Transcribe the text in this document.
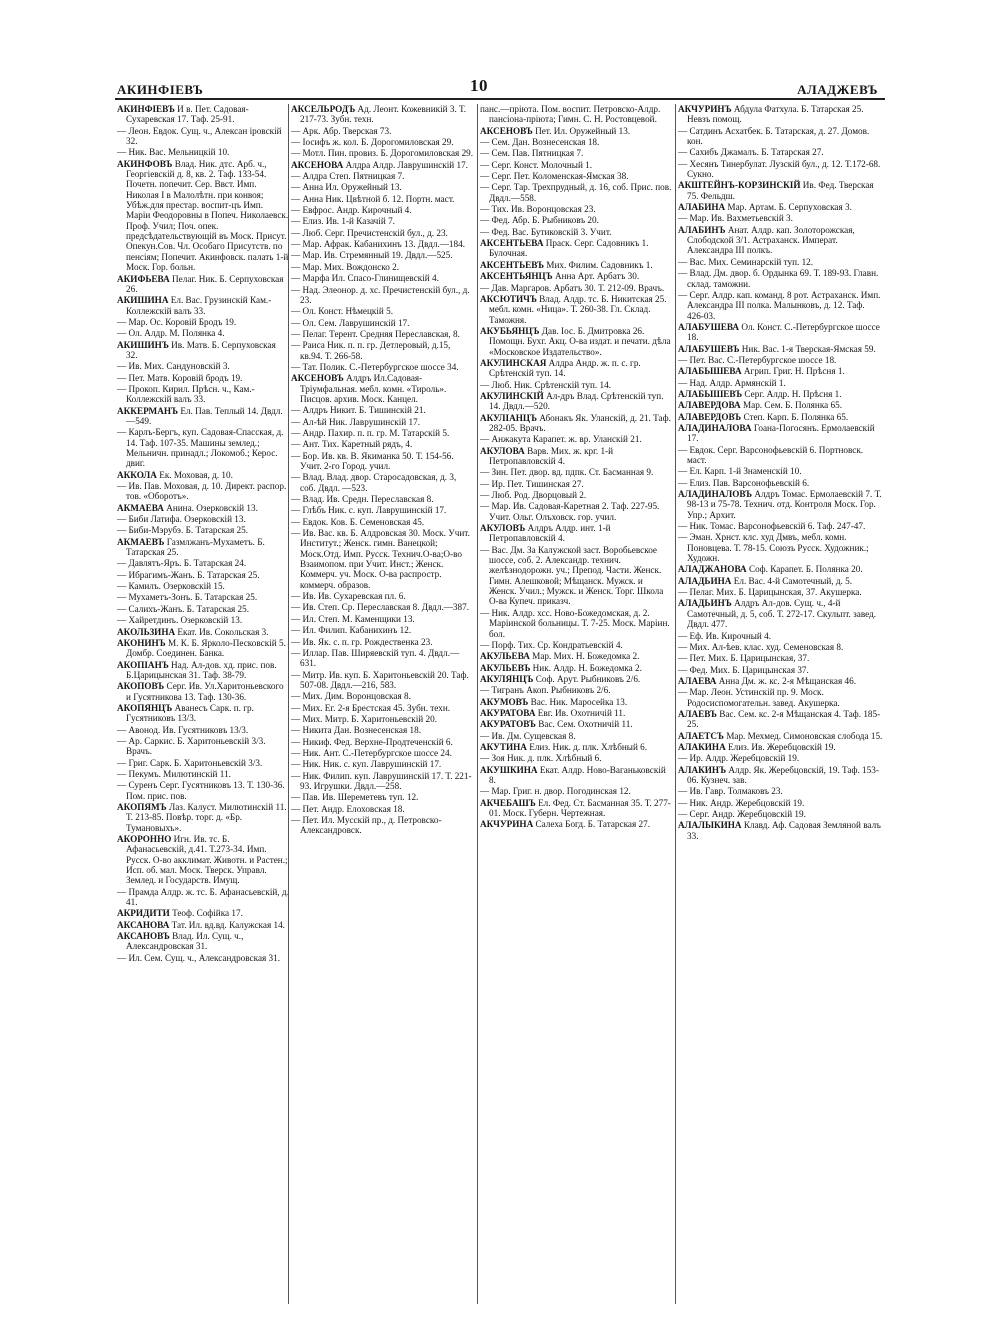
АКИНФІЕВЪ	10	АЛАДЖЕВЪ
АКИНФІЕВЪ И в. Пет. Садовая-Сухаревская 17. Таф. 25-91.
— Леон. Евдок. Сущ. ч., Алексан іровскій 32.
— Ник. Вас. Мельницкій 10.
АКИНФОВЪ Влад. Ник. дтс. Арб. ч., Георгіевскій д. 8, кв. 2. Таф. 133-54. Почетн. попечит. Сер. Ввст. Имп. Николая I в Малолѣтн. при конвоя; Убѣж.для престар. воспит-цъ Имп. Маріи Феодоровны в Попеч. Николаевск. Проф. Учил; Поч. опек. предсѣдательствующій въ Моск. Присут. Опекун.Сов. Чл. Особаго Присутств. по пенсіям; Попечит. Акинфовск. палать 1-й Моск. Гор. больн.
АКИФЬЕВА Пелаг. Ник. Б. Серпуховская 26.
АКИШИНА Ел. Вас. Грузинскій Кам.-Коллежскій валъ 33.
— Мар. Ос. Коровій Бродъ 19.
— Ол. Алдр. М. Полянка 4.
АКИШИНЪ Ив. Матв. Б. Серпуховская 32.
— Ив. Мих. Сандуновскій 3.
— Пет. Матв. Коровій бродъ 19.
— Прокоп. Кирил. Прѣсн. ч., Кам.-Коллежскій валъ 33.
АККЕРМАНЪ Ел. Пав. Теплый 14. Двдл.—549.
— Карлъ-Бергъ, куп. Садовая-Спасская, д. 14. Таф. 107-35. Машины землед.; Мельничн. принадл.; Локомоб.; Керос. двиг.
АККОЛА Ек. Моховая, д. 10.
— Ив. Пав. Моховая, д. 10. Директ. распор. тов. «Оборотъ».
АКМАЕВА Анина. Озерковскій 13.
— Биби Латифа. Озерковскій 13.
— Биби-Мэрубэ. Б. Татарская 25.
АКМАЕВЪ Газмлжанъ-Мухаметъ. Б. Татарская 25.
— Давлятъ-Яръ. Б. Татарская 24.
— Ибрагимъ-Жанъ. Б. Татарская 25.
— Камилъ. Озерковскій 15.
— Мухаметъ-Зонъ. Б. Татарская 25.
— Салихъ-Жанъ. Б. Татарская 25.
— Хайретдинъ. Озерковскій 13.
АКОЛЬЗИНА Екат. Ив. Сокольская 3.
АКОНИНЪ М. К. Б. Ярколо-Песковскій 5. Домбр. Соединен. Банка.
АКОПІАНЪ Над. Ал-дов. хд. прис. пов. Б.Царицынская 31. Таф. 38-79.
АКОПОВЪ Серг. Ив. Ул.Харитоньевского и Гусятникова 13. Таф. 130-36.
АКОПЯНЦЪ Аванесъ Сарк. п. гр. Гусятниковъ 13/3.
— Авонод. Ив. Гусятниковъ 13/3.
— Ар. Саркис. Б. Харитоньевскій 3/3. Врачъ.
— Григ. Сарк. Б. Харитоньевскій 3/3.
— Пекумъ. Милютинскій 11.
— Суренъ Серг. Гусятниковъ 13. Т. 130-36. Пом. прис. пов.
АКОПЯМЪ Лаз. Калуст. Милютинскій 11. Т. 213-85. Повѣр. торг. д. «Бр. Тумановыхъ».
АКОРОННО Игн. Ив. тс. Б. Афанасьевскій, д.41. Т.273-34. Имп. Русск. О-во акклимат. Животн. и Растен.; Исп. об. мал. Моск. Тверск. Управл. Землед. и Государств. Имущ.
— Прамда Алдр. ж. тс. Б. Афанасьевскій, д. 41.
АКРИДИТИ Теоф. Софійка 17.
АКСАНОВА Тат. Ил. вд.вд. Калужская 14.
АКСАНОВЪ Влад. Ил. Сущ. ч., Александровская 31.
— Ил. Сем. Сущ. ч., Александровская 31.
АКСЕЛЬРОДЪ Ад. Леонт. Кожевникій 3. Т. 217-73. Зубн. техн.
— Арк. Абр. Тверская 73.
— Іосифъ ж. кол. Б. Дорогомиловская 29.
— Мотл. Пин. провиз. Б. Дорогомиловская 29.
АКСЕНОВА Алдра Алдр. Лаврушинскій 17.
— Алдра Степ. Пятницкая 7.
— Анна Ил. Оружейный 13.
— Анна Ник. Цвѣтной б. 12. Портн. маст.
— Евфрос. Андр. Кирочный 4.
— Елиз. Ив. 1-й Казачій 7.
— Люб. Серг. Пречистенскій бул., д. 23.
— Мар. Афрак. Кабанихинъ 13. Двдл.—184.
— Мар. Ив. Стремянный 19. Двдл.—525.
— Мар. Мих. Вождонско 2.
— Марфа Ил. Спасо-Глинищевскій 4.
— Над. Элеонор. д. хс. Пречистенскій бул., д. 23.
— Ол. Конст. Нѣмецкій 5.
— Ол. Сем. Лаврушинскій 17.
— Пелаг. Терент. Средняя Переславская, 8.
— Раиса Ник. п. п. гр. Детлеровый, д.15, кв.94. Т. 266-58.
— Тат. Полик. С.-Петербургское шоссе 34.
АКСЕНОВЪ Алдръ Ил.Садовая-Тріумфальная. мебл. комн. «Тироль». Писцов. архив. Моск. Канцел.
— Алдръ Никит. Б. Тишинскій 21.
— Ал-ѣй Ник. Лаврушинскій 17.
— Андр. Пахир. п. п. гр. М. Татарскій 5.
— Ант. Тих. Каретный рядъ, 4.
— Бор. Ив. кв. В. Якиманка 50. Т. 154-56. Учит. 2-го Город. учил.
— Влад. Влад. двор. Старосадовская, д. 3, соб. Двдл. —523.
— Влад. Ив. Средн. Переславская 8.
— Глѣбъ Ник. с. куп. Лаврушинскій 17.
— Евдок. Ков. Б. Семеновская 45.
— Ив. Вас. кв. Б. Алдровская 30. Моск. Учит. Институт.; Женск. гимн. Ванецкой; Моск.Отд. Имп. Русск. Технич.О-ва;О-во Взаимопом. при Учит. Инст.; Женск. Коммерч. уч. Моск. О-ва распростр. коммерч. образов.
— Ив. Ив. Сухаревская пл. 6.
— Ив. Степ. Ср. Переславская 8. Двдл.—387.
— Ил. Степ. М. Каменщики 13.
— Ил. Филип. Кабанихинъ 12.
— Ив. Як. с. п. гр. Рождественка 23.
— Иллар. Пав. Ширяевскій туп. 4. Двдл.—631.
— Митр. Ив. куп. Б. Харитоньевскій 20. Таф. 507-08. Двдл.—216, 583.
— Мих. Дим. Воронцовская 8.
— Мих. Ег. 2-я Брестская 45. Зубн. техн.
— Мих. Митр. Б. Харитоньевскій 20.
— Никита Дан. Вознесенская 18.
— Никиф. Фед. Верхне-Продтеченскій 6.
— Ник. Ант. С.-Петербургское шоссе 24.
— Ник. Ник. с. куп. Лаврушинскій 17.
— Ник. Филип. куп. Лаврушинскій 17. Т. 221-93. Игрушки. Двдл.—258.
— Пав. Ив. Шереметевъ туп. 12.
— Пет. Андр. Елоховская 18.
— Пет. Ил. Мусскій пр., д. Петровско-Александровск.
панс.—пріюта. Пом. воспит. Петровско-Алдр. пансіона-пріюта; Гимн. С. Н. Ростовцевой.
АКСЕНОВЪ Пет. Ил. Оружейный 13.
— Сем. Дан. Вознесенская 18.
— Сем. Пав. Пятницкая 7.
— Серг. Конст. Молочный 1.
— Серг. Пет. Коломенская-Ямская 38.
— Серг. Тар. Трехпрудный, д. 16, соб. Прис. пов. Двдл.—558.
— Тих. Ив. Воронцовская 23.
— Фед. Абр. Б. Рыбниковъ 20.
— Фед. Вас. Бутиковскій 3. Учит.
АКСЕНТЬЕВА Праск. Серг. Садовникъ 1. Булочная.
АКСЕНТЬЕВЪ Мих. Филим. Садовникъ 1.
АКСЕНТЬЯНЦЪ Анна Арт. Арбатъ 30.
— Дав. Маргаров. Арбатъ 30. Т. 212-09. Врачъ.
АКСЮТИЧЪ Влад. Алдр. тс. Б. Никитская 25. мебл. комн. «Ница». Т. 260-38. Гл. Склад. Таможня.
АКУБЬЯНЦЪ Дав. Іос. Б. Дмитровка 26. Помощн. Бухг. Акц. О-ва издат. и печати. дѣла «Московское Издательство».
АКУЛИНСКАЯ Алдра Андр. ж. п. с. гр. Срѣтенскій туп. 14.
— Люб. Ник. Срѣтенскій туп. 14.
АКУЛИНСКІЙ Ал-дръ Влад. Срѣтенскій туп. 14. Двдл.—520.
АКУЛІАНЦЪ Абонакъ Як. Уланскій, д. 21. Таф. 282-05. Врачъ.
— Анжакута Карапет. ж. вр. Уланскій 21.
АКУЛОВА Варв. Мих. ж. крг. 1-й Петропавловскій 4.
— Зин. Пет. двор. вд. пдпк. Ст. Басманная 9.
— Ир. Пет. Тишинская 27.
— Люб. Род. Дворцовый 2.
— Мар. Ив. Садовая-Каретная 2. Таф. 227-95. Учит. Ольг. Олъховск. гор. учил.
АКУЛОВЪ Алдръ Алдр. инт. 1-й Петропавловскій 4.
— Вас. Дм. За Калужской заст. Воробьевское шоссе, соб. 2. Александр. технич. желѣзнодорожн. уч.; Препод. Части. Женск. Гимн. Алешковой; Мѣщанск. Мужск. и Женск. Учил.; Мужск. и Женск. Торг. Школа О-ва Купеч. приказч.
— Ник. Алдр. хсс. Ново-Божедомская, д. 2. Маріинской больницы. Т. 7-25. Моск. Маріин. бол.
— Порф. Тих. Ср. Кондратьевскій 4.
АКУЛЬЕВА Мар. Мих. Н. Божедомка 2.
АКУЛЬЕВЪ Ник. Алдр. Н. Божедомка 2.
АКУЛЯНЦЪ Соф. Арут. Рыбниковъ 2/6.
— Тигранъ Акоп. Рыбниковъ 2/6.
АКУМОВЪ Вас. Ник. Маросейка 13.
АКУРАТОВА Евг. Ив. Охотничій 11.
АКУРАТОВЪ Вас. Сем. Охотничій 11.
— Ив. Дм. Сущевская 8.
АКУТИНА Елиз. Ник. д. плк. Хлѣбный 6.
— Зоя Ник. д. плк. Хлѣбный 6.
АКУШКИНА Екат. Алдр. Ново-Ваганьковскій 8.
— Мар. Григ. н. двор. Погодинская 12.
АКЧЕБАШЪ Ел. Фед. Ст. Басманная 35. Т. 277-01. Моск. Губерн. Чертежная.
АКЧУРИНА Салеха Богд. Б. Татарская 27.
АКЧУРИНЪ Абдула Фатхула. Б. Татарская 25. Невзъ помощ.
— Сатдинъ Асхатбек. Б. Татарская, д. 27. Домов. кон.
— Сахибъ Джамалъ. Б. Татарская 27.
— Хесянъ Тинербулат. Лузскій бул., д. 12. Т.172-68. Сукно.
АКШТЕЙНЪ-КОРЗИНСКІЙ Ив. Фед. Тверская 75. Фельдш.
АЛАБИНА Мар. Артам. Б. Серпуховская 3.
— Мар. Ив. Вахметьевскій 3.
АЛАБИНЪ Анат. Алдр. кап. Золоторожская, Слободской 3/1. Астраханск. Императ. Александра III полкъ.
— Вас. Мих. Семинарскій туп. 12.
— Влад. Дм. двор. б. Ордынка 69. Т. 189-93. Главн. склад. таможни.
— Серг. Алдр. кап. команд. 8 рот. Астраханск. Имп. Александра III полка. Малынковъ, д. 12. Таф. 426-03.
АЛАБУШЕВА Ол. Конст. С.-Петербургское шоссе 18.
АЛАБУШЕВЪ Ник. Вас. 1-я Тверская-Ямская 59.
— Пет. Вас. С.-Петербургское шоссе 18.
АЛАБЫШЕВА Агрип. Григ. Н. Прѣсня 1.
— Над. Алдр. Армянскій 1.
АЛАБЫШЕВЪ Серг. Алдр. Н. Прѣсня 1.
АЛАВЕРДОВА Мар. Сем. Б. Полянка 65.
АЛАВЕРДОВЪ Степ. Карп. Б. Полянка 65.
АЛАДИНАЛОВА Гоана-Погосянъ. Ермолаевскій 17.
— Евдок. Серг. Варсонофьевскій 6. Портновск. маст.
— Ел. Карп. 1-й Знаменскій 10.
— Елиз. Пав. Варсонофьевскій 6.
АЛАДИНАЛОВЪ Алдръ Томас. Ермолаевскій 7. Т. 98-13 и 75-78. Технич. отд. Контроля Моск. Гор. Упр.; Архит.
— Ник. Томас. Варсонофьевскій 6. Таф. 247-47.
— Эман. Хрнст. клс. худ Дмвъ, мебл. комн. Поновцева. Т. 78-15. Союзъ Русск. Художник.; Художн.
АЛАДЖАНОВА Соф. Карапет. Б. Полянка 20.
АЛАДЬИНА Ел. Вас. 4-й Самотечный, д. 5.
— Пелаг. Мих. Б. Царицынская, 37. Акушерка.
АЛАДЬИНЪ Алдръ Ал-дов. Сущ. ч., 4-й Самотечный, д. 5, соб. Т. 272-17. Скульпт. завед. Двдл. 477.
— Еф. Ив. Кирочный 4.
— Мих. Ал-ѣев. клас. худ. Семеновская 8.
— Пет. Мих. Б. Царицынская, 37.
— Фед. Мих. Б. Царицынская 37.
АЛАЕВА Анна Дм. ж. кс. 2-я Мѣщанская 46.
— Мар. Леон. Устинскій пр. 9. Моск. Родосиспомогательн. завед. Акушерка.
АЛАЕВЪ Вас. Сем. кс. 2-я Мѣщанская 4. Таф. 185-25.
АЛАЕТСЪ Мар. Мехмед. Симоновская слобода 15.
АЛАКИНА Елиз. Ив. Жеребцовскій 19.
— Ир. Алдр. Жеребцовскій 19.
АЛАКИНЪ Алдр. Як. Жеребцовскій, 19. Таф. 153-06. Кузнеч. зав.
— Ив. Гавр. Толмаковъ 23.
— Ник. Андр. Жеребцовскій 19.
— Серг. Андр. Жеребцовскій 19.
АЛАЛЫКИНА Клавд. Аф. Садовая Земляной валъ 33.
